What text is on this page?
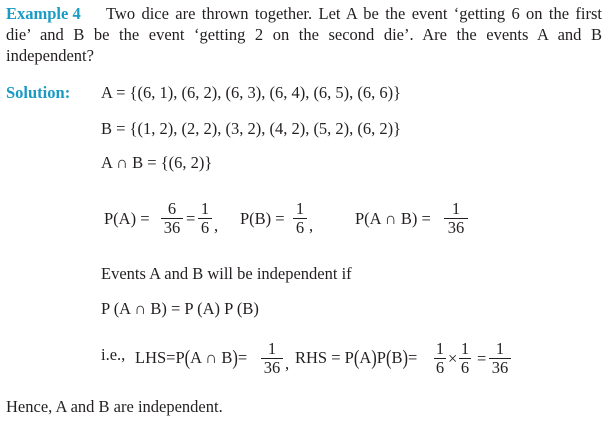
Example 4 Two dice are thrown together. Let A be the event ‘getting 6 on the first
die’ and B be the event ‘getting 2 on the second die’. Are the events A and B
independent?
Solution: A = {(6, 1), (6, 2), (6, 3), (6, 4), (6, 5), (6, 6)}
B = {(1, 2), (2, 2), (3, 2), (4, 2), (5, 2), (6, 2)}
A ∩ B = {(6, 2)}
$P(A) = \frac{6}{36} = \frac{1}{6}$ , $P(B) = \frac{1}{6}$ ,	P(A ∩ $B) = \frac{1}{36}$
Events A and B will be independent if
P (A ∩ B) = P (A) P (B)
i.e., LHS=P(A ∩ $B)= \frac{1}{36}$ , RHS = $P(A)P(B)= \frac{1}{6} \times \frac{1}{6} = \frac{1}{36}$
Hence, A and B are independent.
